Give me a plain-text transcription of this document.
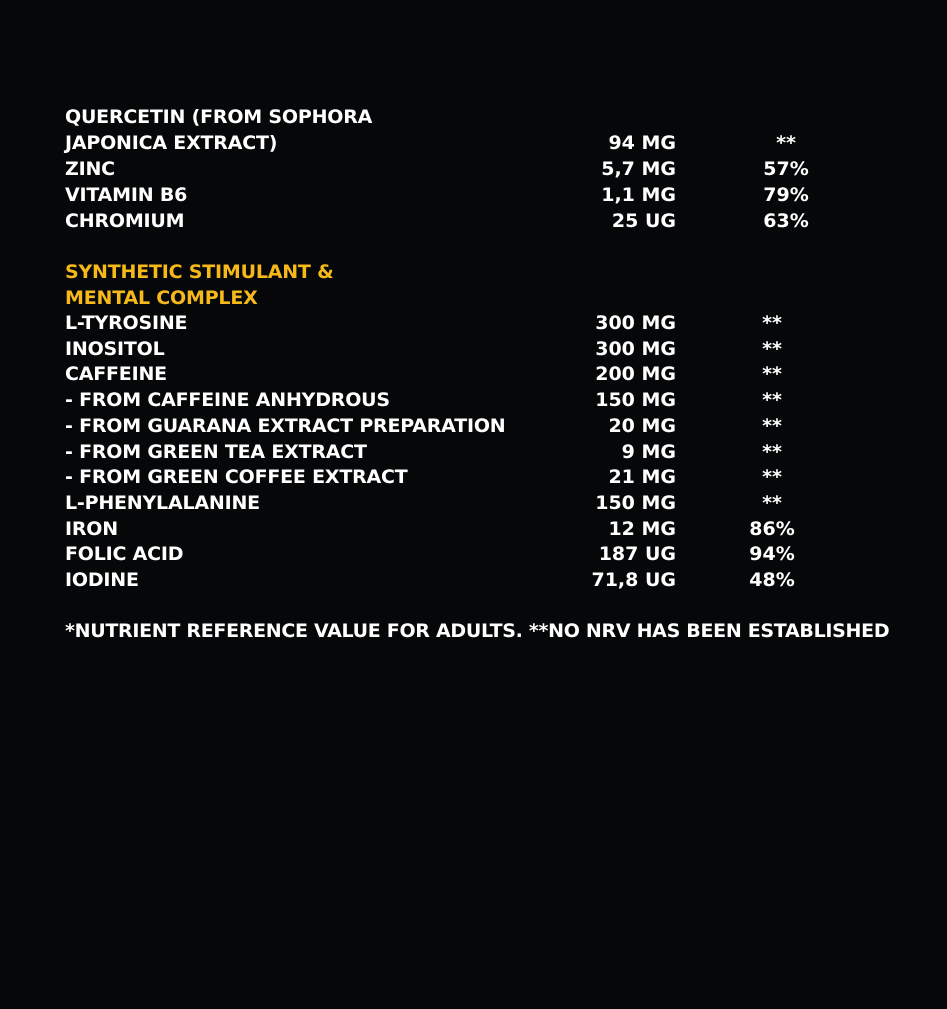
QUERCETIN (FROM SOPHORA
JAPONICA EXTRACT)	94 MG	**
ZINC	5,7 MG	57%
VITAMIN B6	1,1 MG	79%
CHROMIUM	25 UG	63%
SYNTHETIC STIMULANT &
MENTAL COMPLEX
L-TYROSINE	300 MG	**
INOSITOL	300 MG	**
CAFFEINE	200 MG	**
- FROM CAFFEINE ANHYDROUS	150 MG	**
- FROM GUARANA EXTRACT PREPARATION	20 MG	**
- FROM GREEN TEA EXTRACT	9 MG	**
- FROM GREEN COFFEE EXTRACT	21 MG	**
L-PHENYLALANINE	150 MG	**
IRON	12 MG	86%
FOLIC ACID	187 UG	94%
IODINE	71,8 UG	48%
*NUTRIENT REFERENCE VALUE FOR ADULTS. **NO NRV HAS BEEN ESTABLISHED
